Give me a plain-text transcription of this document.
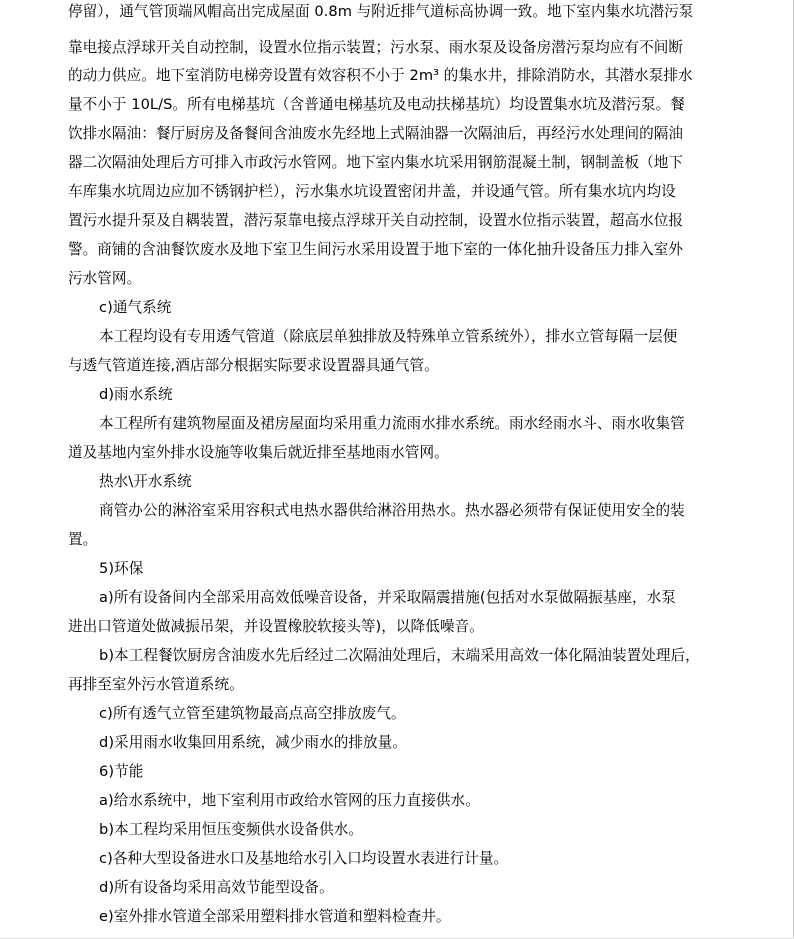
停留），通气管顶端风帽高出完成屋面 0.8m 与附近排气道标高协调一致。地下室内集水坑潜污泵
靠电接点浮球开关自动控制，设置水位指示装置；污水泵、雨水泵及设备房潜污泵均应有不间断
的动力供应。地下室消防电梯旁设置有效容积不小于 2m³ 的集水井，排除消防水，其潜水泵排水
量不小于 10L/S。所有电梯基坑（含普通电梯基坑及电动扶梯基坑）均设置集水坑及潜污泵。餐
饮排水隔油：餐厅厨房及备餐间含油废水先经地上式隔油器一次隔油后，再经污水处理间的隔油
器二次隔油处理后方可排入市政污水管网。地下室内集水坑采用钢筋混凝土制，钢制盖板（地下
车库集水坑周边应加不锈钢护栏），污水集水坑设置密闭井盖，并设通气管。所有集水坑内均设
置污水提升泵及自耦装置，潜污泵靠电接点浮球开关自动控制，设置水位指示装置，超高水位报
警。商铺的含油餐饮废水及地下室卫生间污水采用设置于地下室的一体化抽升设备压力排入室外
污水管网。
c)通气系统
本工程均设有专用透气管道（除底层单独排放及特殊单立管系统外），排水立管每隔一层便
与透气管道连接,酒店部分根据实际要求设置器具通气管。
d)雨水系统
本工程所有建筑物屋面及裙房屋面均采用重力流雨水排水系统。雨水经雨水斗、雨水收集管
道及基地内室外排水设施等收集后就近排至基地雨水管网。
热水\开水系统
商管办公的淋浴室采用容积式电热水器供给淋浴用热水。热水器必须带有保证使用安全的装
置。
5)环保
a)所有设备间内全部采用高效低噪音设备，并采取隔震措施(包括对水泵做隔振基座，水泵
进出口管道处做减振吊架，并设置橡胶软接头等)，以降低噪音。
b)本工程餐饮厨房含油废水先后经过二次隔油处理后，末端采用高效一体化隔油装置处理后，
再排至室外污水管道系统。
c)所有透气立管至建筑物最高点高空排放废气。
d)采用雨水收集回用系统，减少雨水的排放量。
6)节能
a)给水系统中，地下室利用市政给水管网的压力直接供水。
b)本工程均采用恒压变频供水设备供水。
c)各种大型设备进水口及基地给水引入口均设置水表进行计量。
d)所有设备均采用高效节能型设备。
e)室外排水管道全部采用塑料排水管道和塑料检查井。
